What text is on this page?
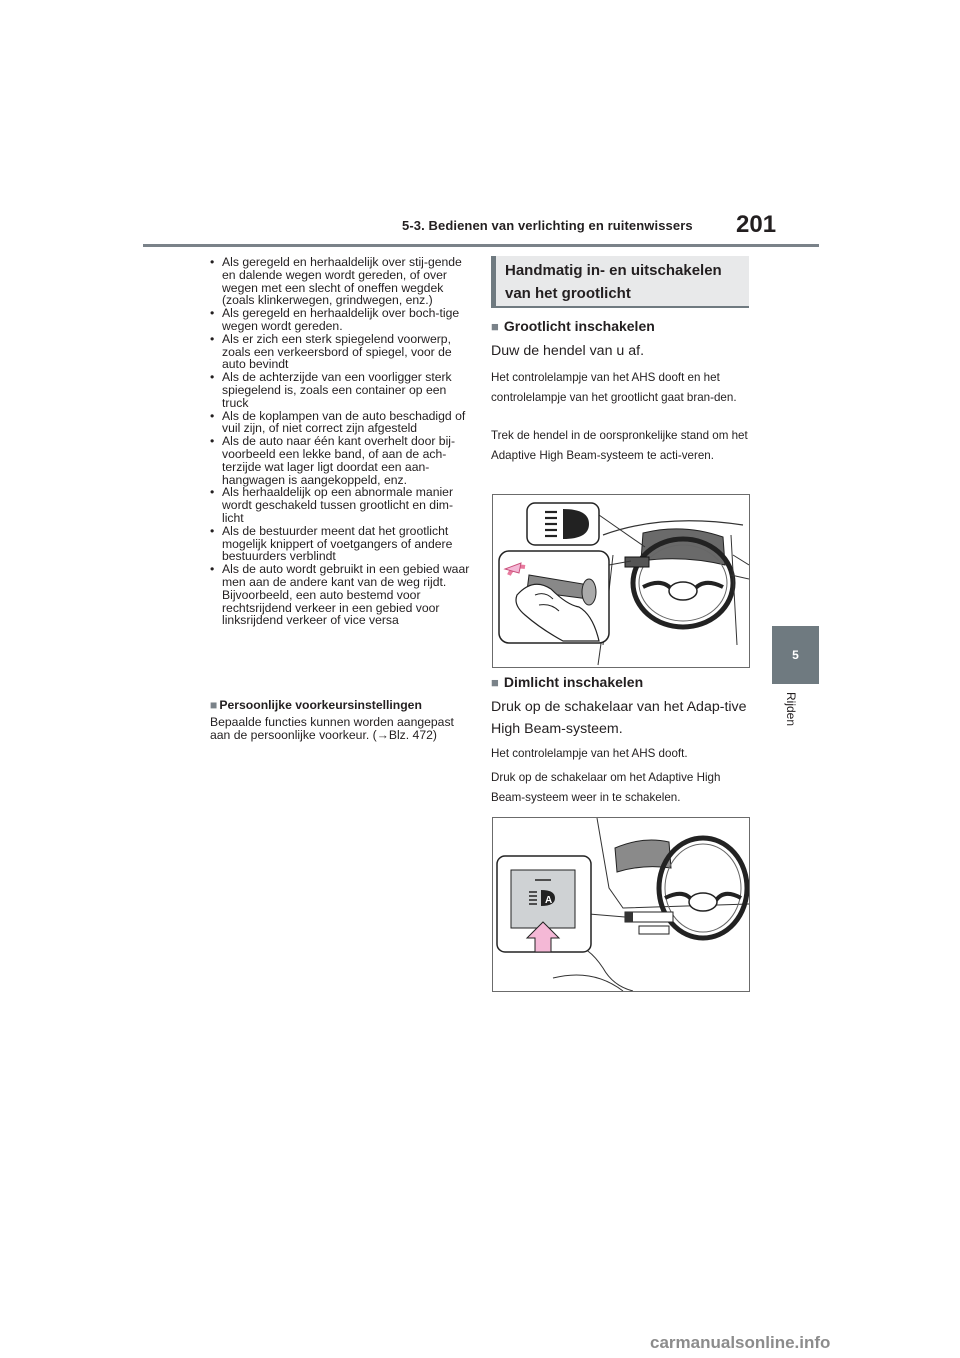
5-3. Bedienen van verlichting en ruitenwissers 201
5
Rijden
• Als geregeld en herhaaldelijk over stij-gende en dalende wegen wordt gereden, of over wegen met een slecht of oneffen wegdek (zoals klinkerwegen, grindwegen, enz.)
• Als geregeld en herhaaldelijk over boch-tige wegen wordt gereden.
• Als er zich een sterk spiegelend voorwerp, zoals een verkeersbord of spiegel, voor de auto bevindt
• Als de achterzijde van een voorligger sterk spiegelend is, zoals een container op een truck
• Als de koplampen van de auto beschadigd of vuil zijn, of niet correct zijn afgesteld
• Als de auto naar één kant overhelt door bij-voorbeeld een lekke band, of aan de ach-terzijde wat lager ligt doordat een aan-hangwagen is aangekoppeld, enz.
• Als herhaaldelijk op een abnormale manier wordt geschakeld tussen grootlicht en dim-licht
• Als de bestuurder meent dat het grootlicht mogelijk knippert of voetgangers of andere bestuurders verblindt
• Als de auto wordt gebruikt in een gebied waar men aan de andere kant van de weg rijdt. Bijvoorbeeld, een auto bestemd voor rechtsrijdend verkeer in een gebied voor linksrijdend verkeer of vice versa
■ Persoonlijke voorkeursinstellingen
Bepaalde functies kunnen worden aangepast aan de persoonlijke voorkeur. (→Blz. 472)
Handmatig in- en uitschakelen van het grootlicht
■ Grootlicht inschakelen
Duw de hendel van u af.
Het controlelampje van het AHS dooft en het controlelampje van het grootlicht gaat bran-den.
Trek de hendel in de oorspronkelijke stand om het Adaptive High Beam-systeem te acti-veren.
■ Dimlicht inschakelen
Druk op de schakelaar van het Adap-tive High Beam-systeem.
Het controlelampje van het AHS dooft.
Druk op de schakelaar om het Adaptive High Beam-systeem weer in te schakelen.
A
carmanualsonline.info
